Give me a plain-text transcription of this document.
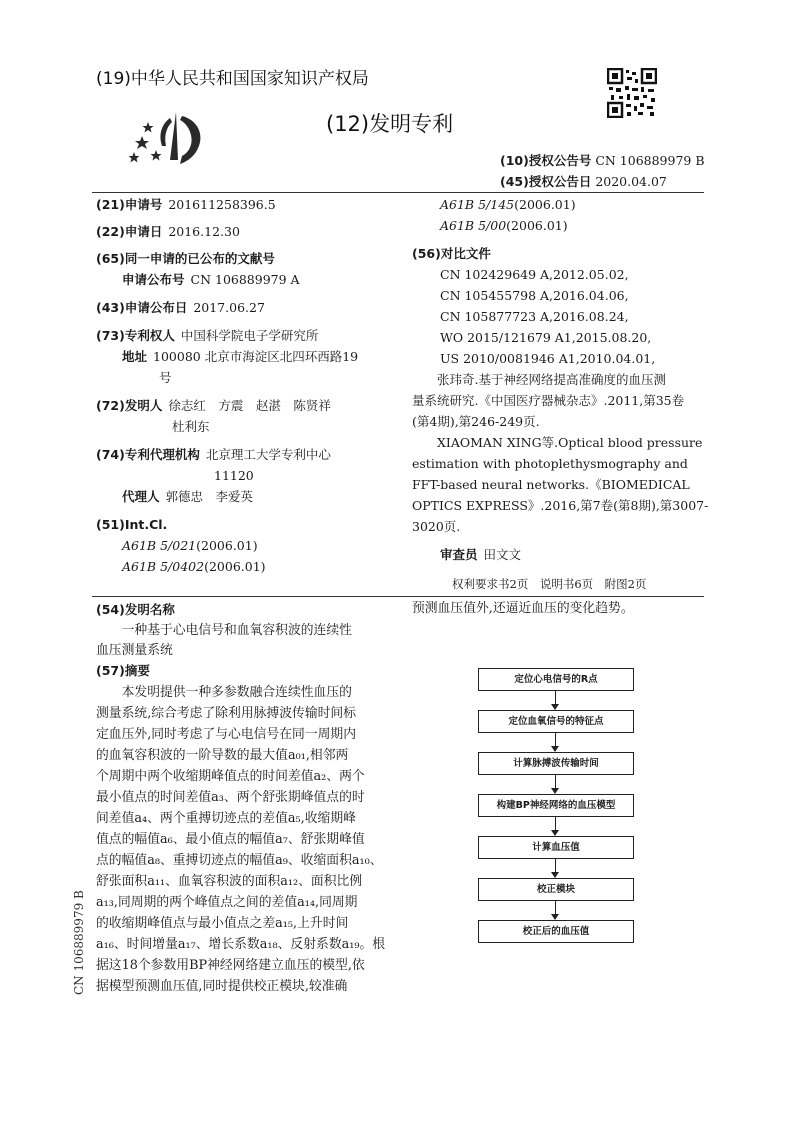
(19)中华人民共和国国家知识产权局
(12)发明专利
(10)授权公告号 CN 106889979 B
(45)授权公告日 2020.04.07
(21)申请号 201611258396.5
(22)申请日 2016.12.30
(65)同一申请的已公布的文献号
申请公布号 CN 106889979 A
(43)申请公布日 2017.06.27
(73)专利权人 中国科学院电子学研究所
地址 100080 北京市海淀区北四环西路19
号
(72)发明人 徐志红　方震　赵湛　陈贤祥
杜利东
(74)专利代理机构 北京理工大学专利中心
11120
代理人 郭德忠　李爱英
(51)Int.Cl.
A61B 5/021(2006.01)
A61B 5/0402(2006.01)
A61B 5/145(2006.01)
A61B 5/00(2006.01)
(56)对比文件
CN 102429649 A,2012.05.02,
CN 105455798 A,2016.04.06,
CN 105877723 A,2016.08.24,
WO 2015/121679 A1,2015.08.20,
US 2010/0081946 A1,2010.04.01,
　　张玮奇.基于神经网络提高准确度的血压测
量系统研究.《中国医疗器械杂志》.2011,第35卷
(第4期),第246-249页.
　　XIAOMAN XING等.Optical blood pressure
estimation with photoplethysmography and
FFT-based neural networks.《BIOMEDICAL
OPTICS EXPRESS》.2016,第7卷(第8期),第3007-
3020页.
审查员 田文文
权利要求书2页　说明书6页　附图2页
(54)发明名称
　　一种基于心电信号和血氧容积波的连续性
血压测量系统
(57)摘要
　　本发明提供一种多参数融合连续性血压的
测量系统,综合考虑了除利用脉搏波传输时间标
定血压外,同时考虑了与心电信号在同一周期内
的血氧容积波的一阶导数的最大值a₀₁,相邻两
个周期中两个收缩期峰值点的时间差值a₂、两个
最小值点的时间差值a₃、两个舒张期峰值点的时
间差值a₄、两个重搏切迹点的差值a₅,收缩期峰
值点的幅值a₆、最小值点的幅值a₇、舒张期峰值
点的幅值a₈、重搏切迹点的幅值a₉、收缩面积a₁₀、
舒张面积a₁₁、血氧容积波的面积a₁₂、面积比例
a₁₃,同周期的两个峰值点之间的差值a₁₄,同周期
的收缩期峰值点与最小值点之差a₁₅,上升时间
a₁₆、时间增量a₁₇、增长系数a₁₈、反射系数a₁₉。根
据这18个参数用BP神经网络建立血压的模型,依
据模型预测血压值,同时提供校正模块,较准确
预测血压值外,还逼近血压的变化趋势。
CN 106889979 B
定位心电信号的R点
定位血氧信号的特征点
计算脉搏波传输时间
构建BP神经网络的血压模型
计算血压值
校正模块
校正后的血压值
